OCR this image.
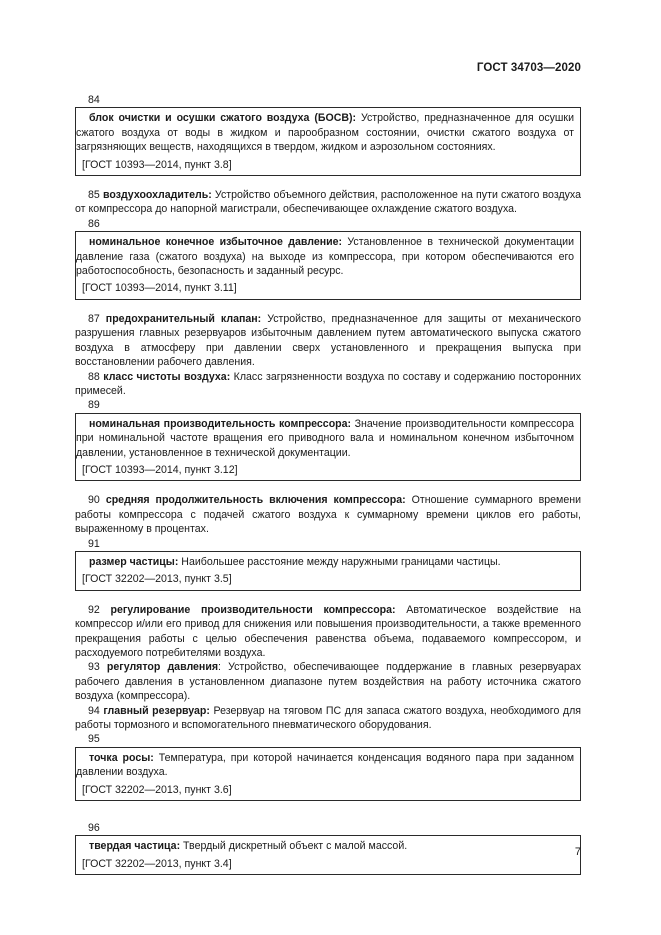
ГОСТ 34703—2020
84
блок очистки и осушки сжатого воздуха (БОСВ): Устройство, предназначенное для осушки сжатого воздуха от воды в жидком и парообразном состоянии, очистки сжатого воздуха от загрязняющих веществ, находящихся в твердом, жидком и аэрозольном состояниях.
[ГОСТ 10393—2014, пункт 3.8]
85 воздухоохладитель: Устройство объемного действия, расположенное на пути сжатого воздуха от компрессора до напорной магистрали, обеспечивающее охлаждение сжатого воздуха.
86
номинальное конечное избыточное давление: Установленное в технической документации давление газа (сжатого воздуха) на выходе из компрессора, при котором обеспечиваются его работоспособность, безопасность и заданный ресурс.
[ГОСТ 10393—2014, пункт 3.11]
87 предохранительный клапан: Устройство, предназначенное для защиты от механического разрушения главных резервуаров избыточным давлением путем автоматического выпуска сжатого воздуха в атмосферу при давлении сверх установленного и прекращения выпуска при восстановлении рабочего давления.
88 класс чистоты воздуха: Класс загрязненности воздуха по составу и содержанию посторонних примесей.
89
номинальная производительность компрессора: Значение производительности компрессора при номинальной частоте вращения его приводного вала и номинальном конечном избыточном давлении, установленное в технической документации.
[ГОСТ 10393—2014, пункт 3.12]
90 средняя продолжительность включения компрессора: Отношение суммарного времени работы компрессора с подачей сжатого воздуха к суммарному времени циклов его работы, выраженному в процентах.
91
размер частицы: Наибольшее расстояние между наружными границами частицы.
[ГОСТ 32202—2013, пункт 3.5]
92 регулирование производительности компрессора: Автоматическое воздействие на компрессор и/или его привод для снижения или повышения производительности, а также временного прекращения работы с целью обеспечения равенства объема, подаваемого компрессором, и расходуемого потребителями воздуха.
93 регулятор давления: Устройство, обеспечивающее поддержание в главных резервуарах рабочего давления в установленном диапазоне путем воздействия на работу источника сжатого воздуха (компрессора).
94 главный резервуар: Резервуар на тяговом ПС для запаса сжатого воздуха, необходимого для работы тормозного и вспомогательного пневматического оборудования.
95
точка росы: Температура, при которой начинается конденсация водяного пара при заданном давлении воздуха.
[ГОСТ 32202—2013, пункт 3.6]
96
твердая частица: Твердый дискретный объект с малой массой.
[ГОСТ 32202—2013, пункт 3.4]
7
